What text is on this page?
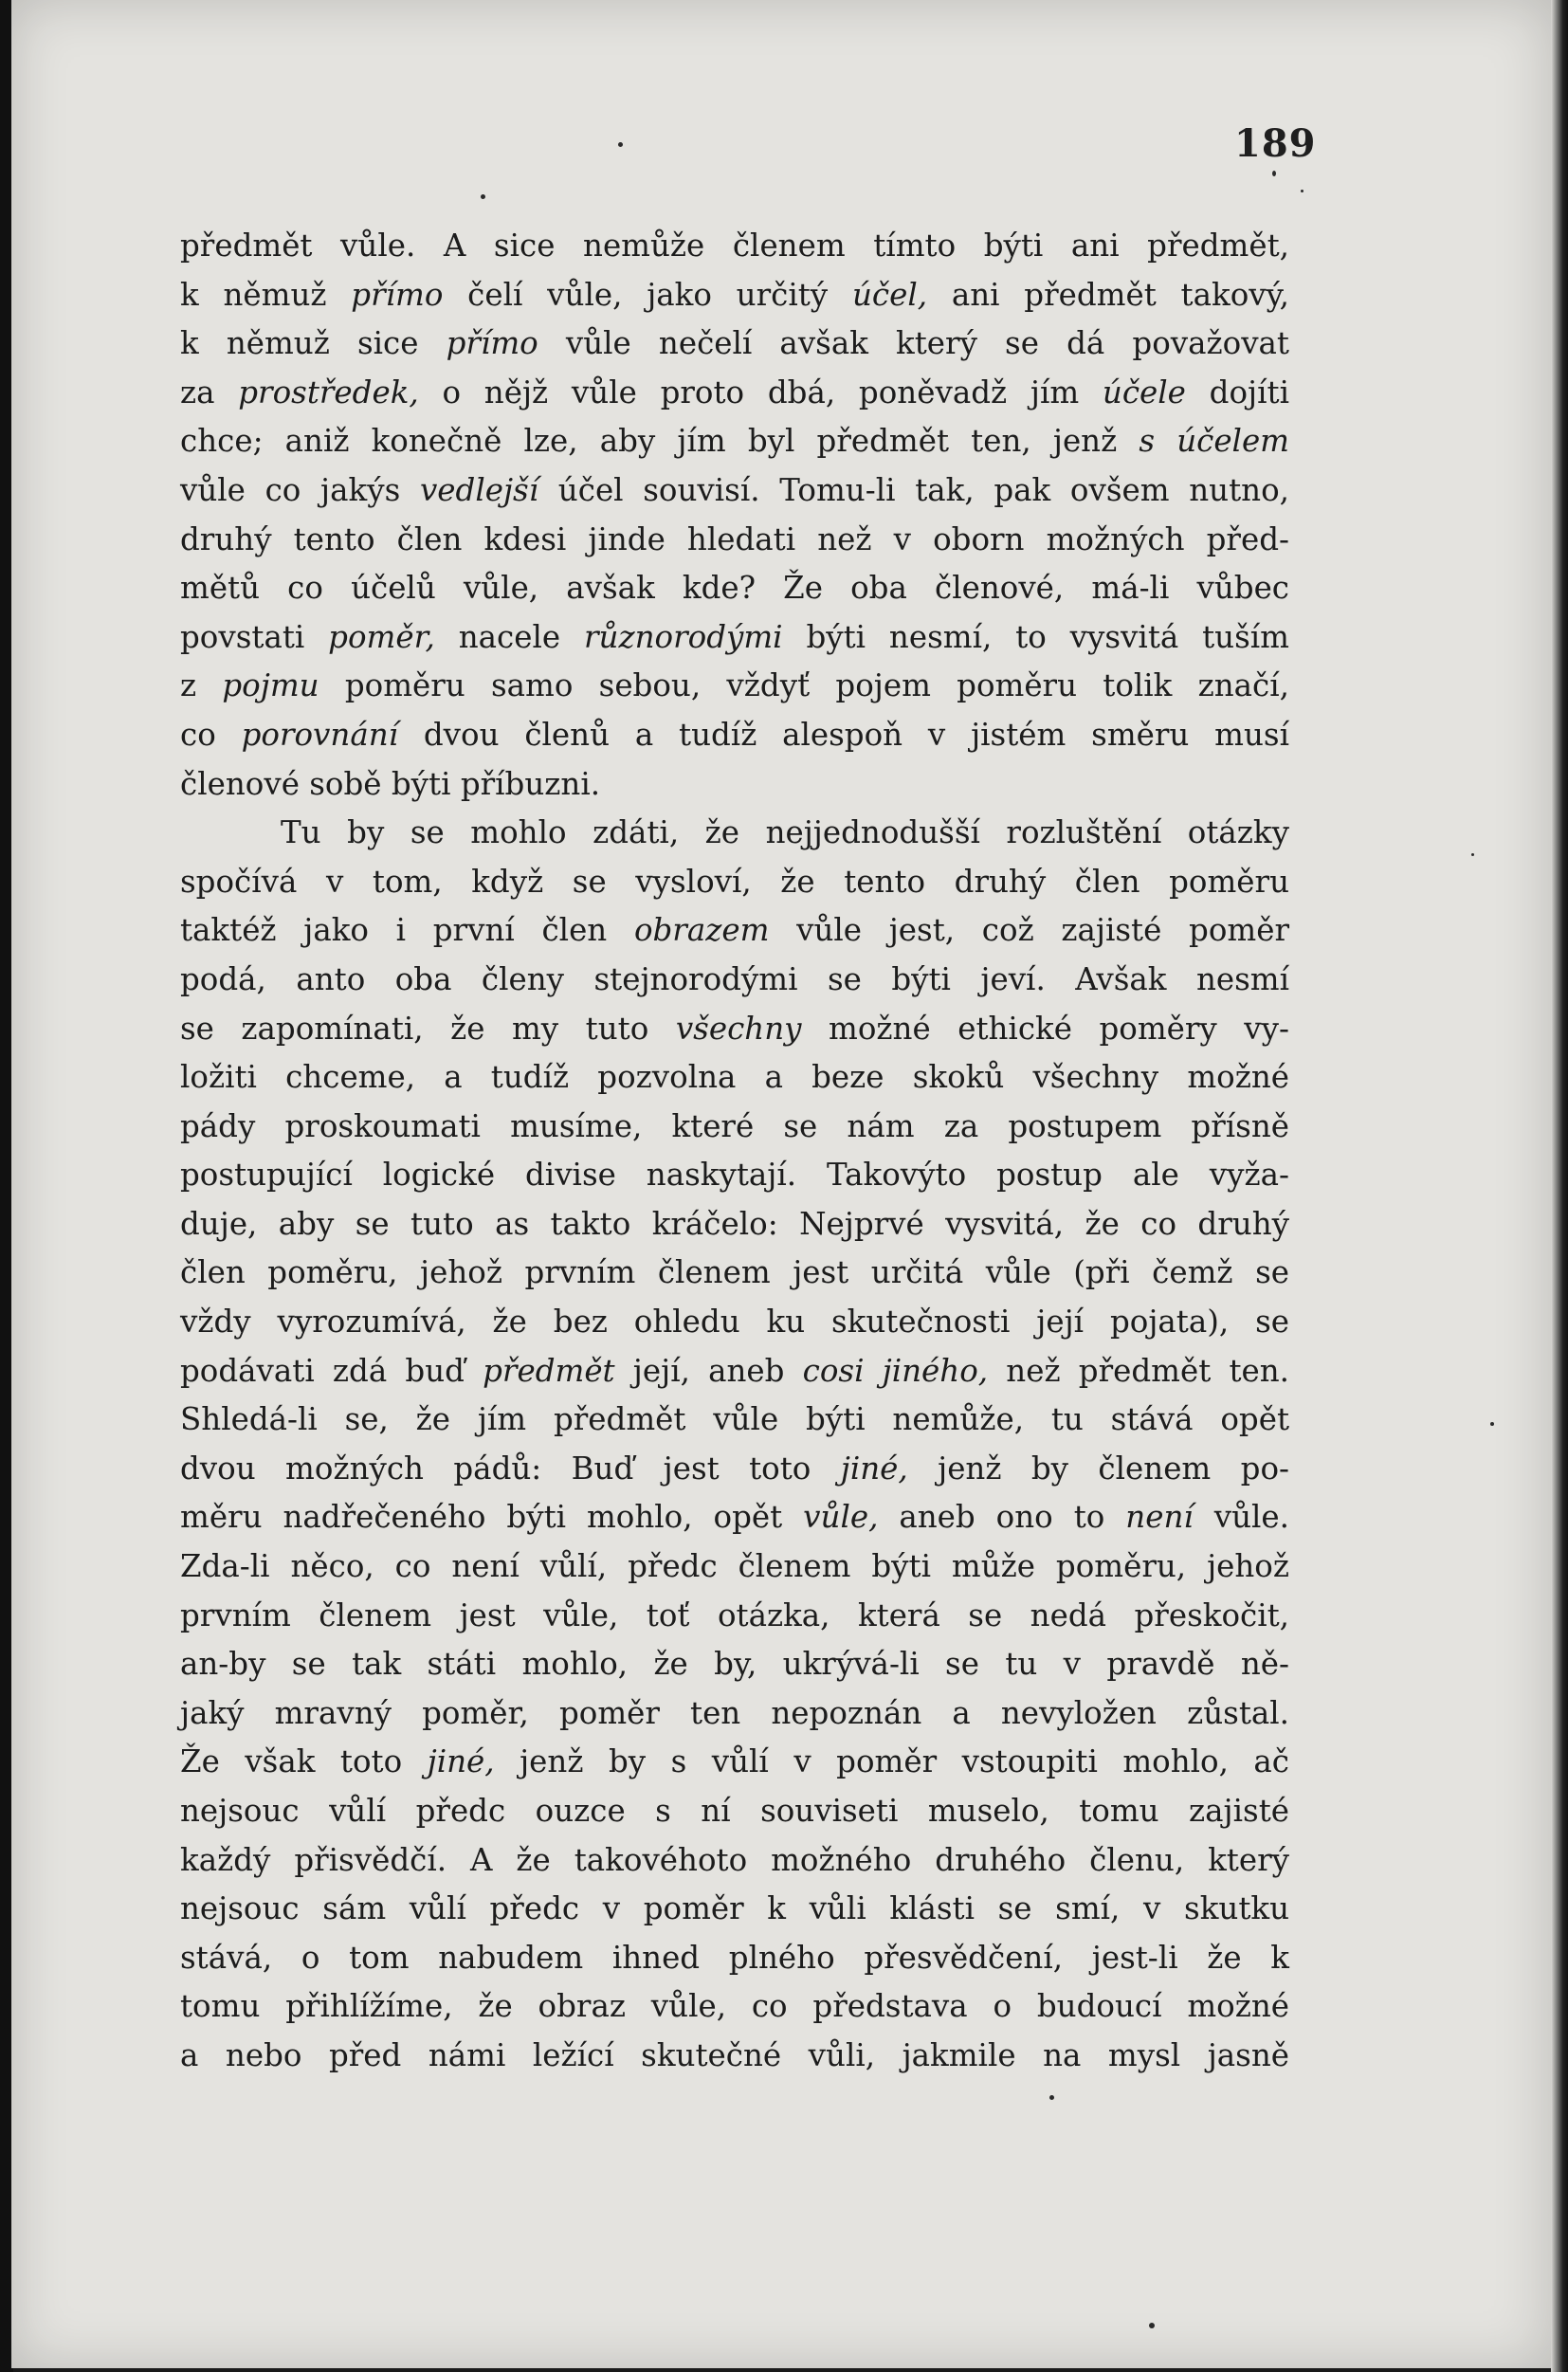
189
předmět vůle. A sice nemůže členem tímto býti ani předmět,
k němuž přímo čelí vůle, jako určitý účel, ani předmět takový,
k němuž sice přímo vůle nečelí avšak který se dá považovat
za prostředek, o nějž vůle proto dbá, poněvadž jím účele dojíti
chce; aniž konečně lze, aby jím byl předmět ten, jenž s účelem
vůle co jakýs vedlejší účel souvisí. Tomu-li tak, pak ovšem nutno,
druhý tento člen kdesi jinde hledati než v oborn možných před-
mětů co účelů vůle, avšak kde? Že oba členové, má-li vůbec
povstati poměr, nacele různorodými býti nesmí, to vysvitá tuším
z pojmu poměru samo sebou, vždyť pojem poměru tolik značí,
co porovnání dvou členů a tudíž alespoň v jistém směru musí
členové sobě býti příbuzni.
Tu by se mohlo zdáti, že nejjednodušší rozluštění otázky
spočívá v tom, když se vysloví, že tento druhý člen poměru
taktéž jako i první člen obrazem vůle jest, což zajisté poměr
podá, anto oba členy stejnorodými se býti jeví. Avšak nesmí
se zapomínati, že my tuto všechny možné ethické poměry vy-
ložiti chceme, a tudíž pozvolna a beze skoků všechny možné
pády proskoumati musíme, které se nám za postupem přísně
postupující logické divise naskytají. Takovýto postup ale vyža-
duje, aby se tuto as takto kráčelo: Nejprvé vysvitá, že co druhý
člen poměru, jehož prvním členem jest určitá vůle (při čemž se
vždy vyrozumívá, že bez ohledu ku skutečnosti její pojata), se
podávati zdá buď předmět její, aneb cosi jiného, než předmět ten.
Shledá-li se, že jím předmět vůle býti nemůže, tu stává opět
dvou možných pádů: Buď jest toto jiné, jenž by členem po-
měru nadřečeného býti mohlo, opět vůle, aneb ono to není vůle.
Zda-li něco, co není vůlí, předc členem býti může poměru, jehož
prvním členem jest vůle, toť otázka, která se nedá přeskočit,
an-by se tak státi mohlo, že by, ukrývá-li se tu v pravdě ně-
jaký mravný poměr, poměr ten nepoznán a nevyložen zůstal.
Že však toto jiné, jenž by s vůlí v poměr vstoupiti mohlo, ač
nejsouc vůlí předc ouzce s ní souviseti muselo, tomu zajisté
každý přisvědčí. A že takovéhoto možného druhého členu, který
nejsouc sám vůlí předc v poměr k vůli klásti se smí, v skutku
stává, o tom nabudem ihned plného přesvědčení, jest-li že k
tomu přihlížíme, že obraz vůle, co představa o budoucí možné
a nebo před námi ležící skutečné vůli, jakmile na mysl jasně
